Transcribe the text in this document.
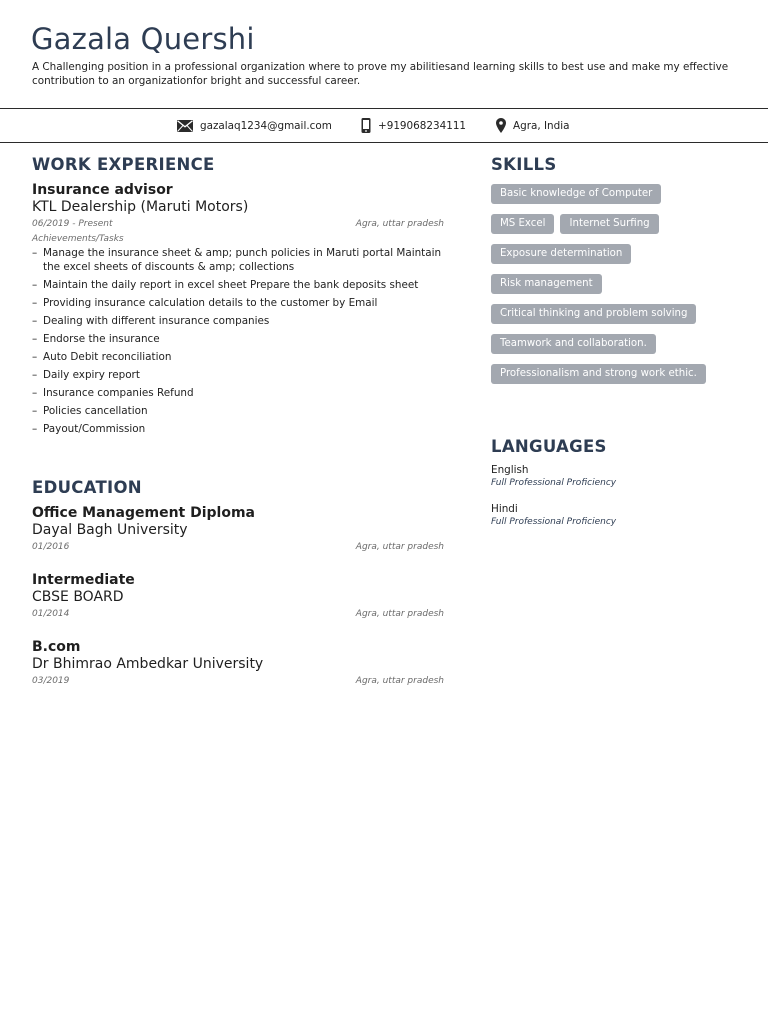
Gazala Quershi

A Challenging position in a professional organization where to prove my abilitiesand learning skills to best use and make my effective contribution to an organizationfor bright and successful career.

gazalaq1234@gmail.com	+919068234111	Agra, India
WORK EXPERIENCE
Insurance advisor
KTL Dealership (Maruti Motors)
06/2019 - Present	Agra, uttar pradesh
Achievements/Tasks
– Manage the insurance sheet & amp; punch policies in Maruti portal Maintain the excel sheets of discounts & amp; collections
– Maintain the daily report in excel sheet Prepare the bank deposits sheet
– Providing insurance calculation details to the customer by Email
– Dealing with different insurance companies
– Endorse the insurance
– Auto Debit reconciliation
– Daily expiry report
– Insurance companies Refund
– Policies cancellation
– Payout/Commission
EDUCATION
Office Management Diploma
Dayal Bagh University
01/2016	Agra, uttar pradesh
Intermediate
CBSE BOARD
01/2014	Agra, uttar pradesh
B.com
Dr Bhimrao Ambedkar University
03/2019	Agra, uttar pradesh
SKILLS
Basic knowledge of Computer
MS Excel	Internet Surfing
Exposure determination
Risk management
Critical thinking and problem solving
Teamwork and collaboration.
Professionalism and strong work ethic.
LANGUAGES
English
Full Professional Proficiency
Hindi
Full Professional Proficiency
